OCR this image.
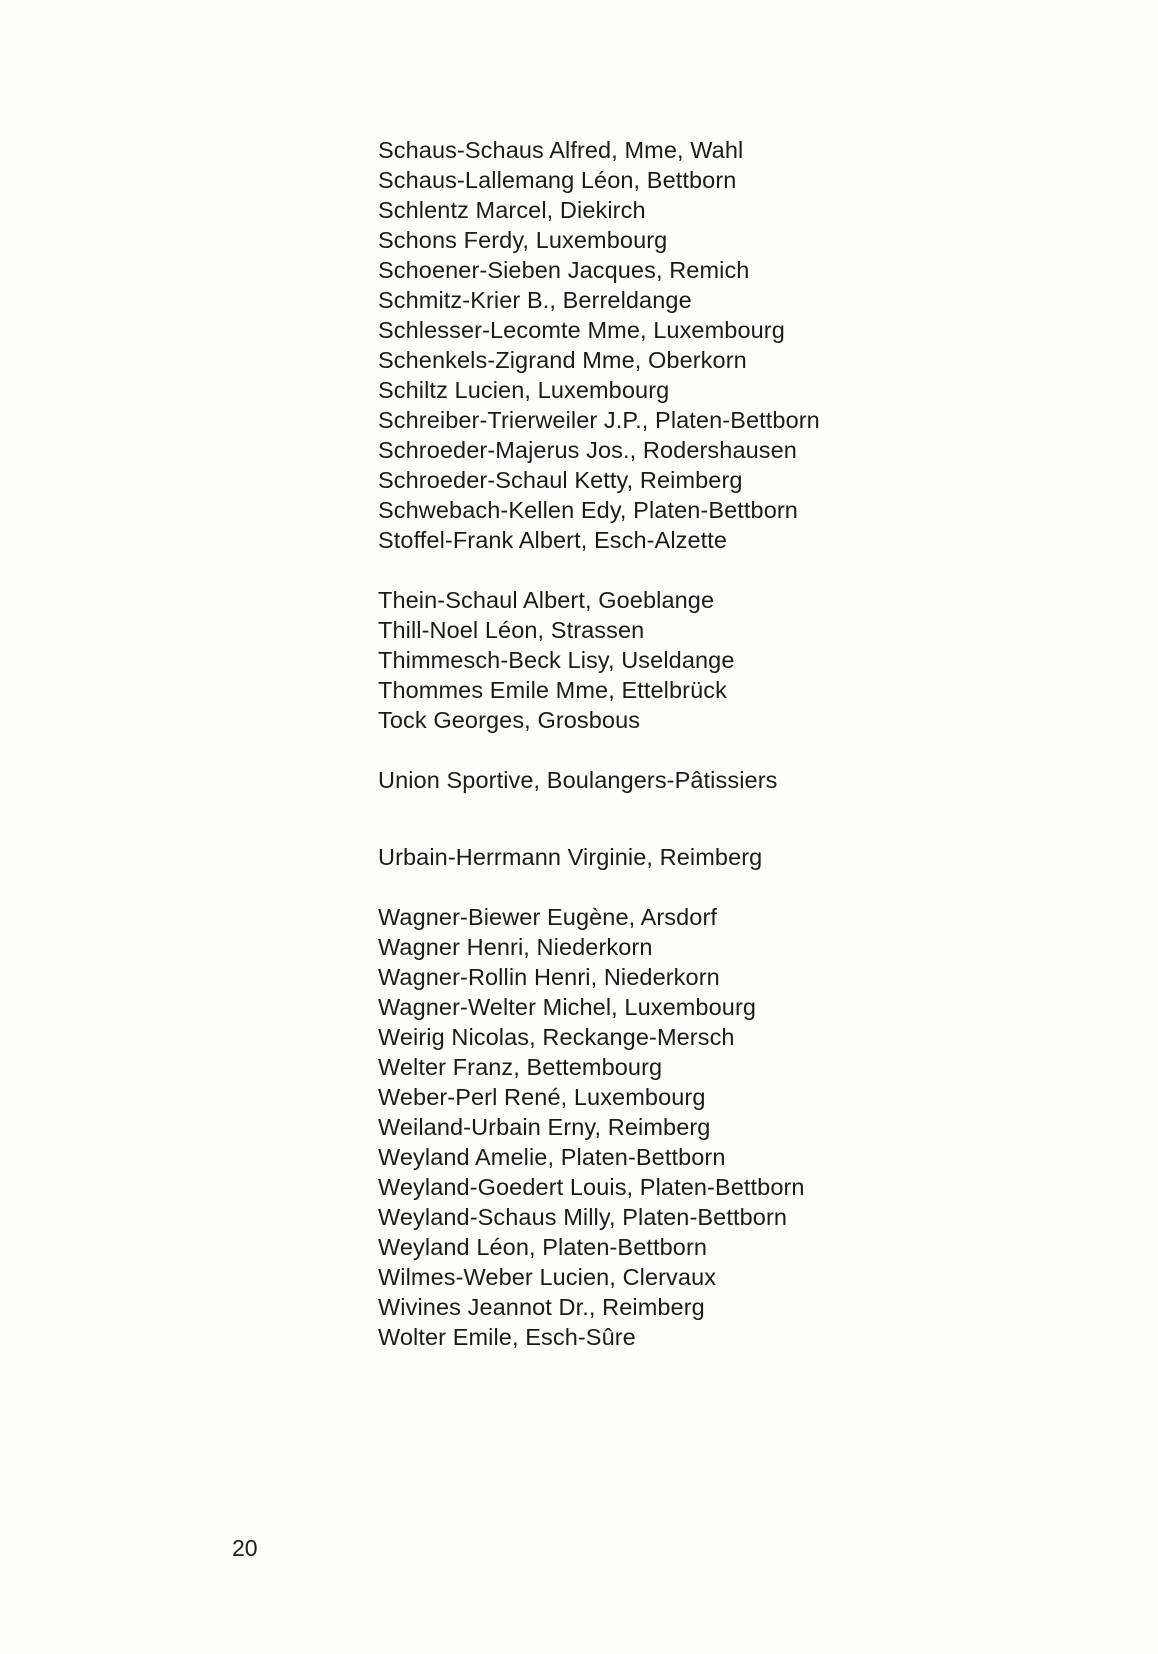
Schaus-Schaus Alfred, Mme, Wahl
Schaus-Lallemang Léon, Bettborn
Schlentz Marcel, Diekirch
Schons Ferdy, Luxembourg
Schoener-Sieben Jacques, Remich
Schmitz-Krier B., Berreldange
Schlesser-Lecomte Mme, Luxembourg
Schenkels-Zigrand Mme, Oberkorn
Schiltz Lucien, Luxembourg
Schreiber-Trierweiler J.P., Platen-Bettborn
Schroeder-Majerus Jos., Rodershausen
Schroeder-Schaul Ketty, Reimberg
Schwebach-Kellen Edy, Platen-Bettborn
Stoffel-Frank Albert, Esch-Alzette
Thein-Schaul Albert, Goeblange
Thill-Noel Léon, Strassen
Thimmesch-Beck Lisy, Useldange
Thommes Emile Mme, Ettelbrück
Tock Georges, Grosbous
Union Sportive, Boulangers-Pâtissiers
Urbain-Herrmann Virginie, Reimberg
Wagner-Biewer Eugène, Arsdorf
Wagner Henri, Niederkorn
Wagner-Rollin Henri, Niederkorn
Wagner-Welter Michel, Luxembourg
Weirig Nicolas, Reckange-Mersch
Welter Franz, Bettembourg
Weber-Perl René, Luxembourg
Weiland-Urbain Erny, Reimberg
Weyland Amelie, Platen-Bettborn
Weyland-Goedert Louis, Platen-Bettborn
Weyland-Schaus Milly, Platen-Bettborn
Weyland Léon, Platen-Bettborn
Wilmes-Weber Lucien, Clervaux
Wivines Jeannot Dr., Reimberg
Wolter Emile, Esch-Sûre
20
